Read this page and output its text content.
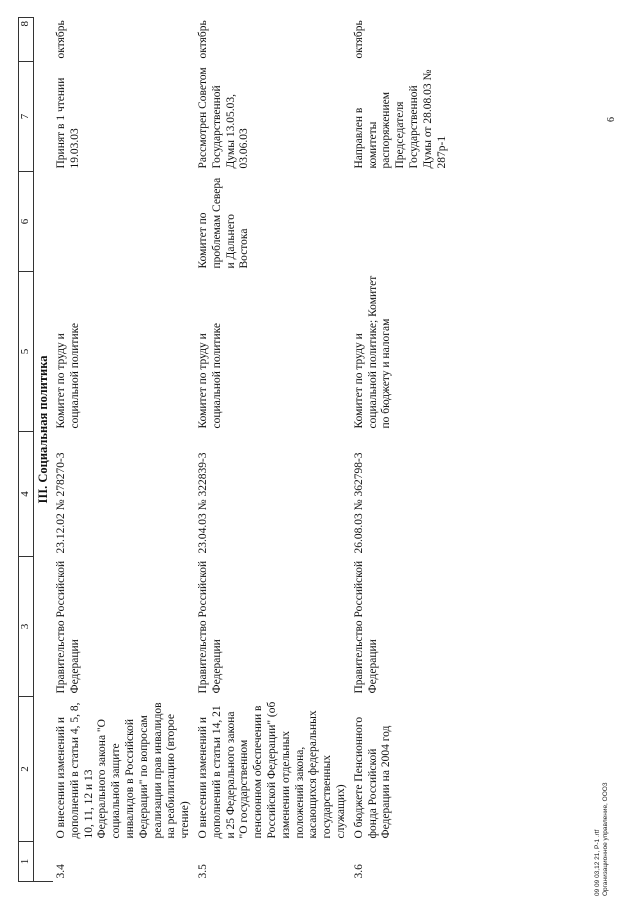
1	2	3	4	5	6	7	8
	III. Социальная политика						
3.4	О внесении изменений и дополнений в статьи 4, 5, 8, 10, 11, 12 и 13 Федерального закона "О социальной защите инвалидов в Российской Федерации" по вопросам реализации прав инвалидов на реабилитацию (второе чтение)	Правительство Российской Федерации	23.12.02 № 278270-3	Комитет по труду и социальной политике		Принят в 1 чтении 19.03.03	октябрь
3.5	О внесении изменений и дополнений в статьи 14, 21 и 25 Федерального закона "О государственном пенсионном обеспечении в Российской Федерации" (об изменении отдельных положений закона, касающихся федеральных государственных служащих)	Правительство Российской Федерации	23.04.03 № 322839-3	Комитет по труду и социальной политике	Комитет по проблемам Севера и Дальнего Востока	Рассмотрен Советом Государственной Думы 13.05.03, 03.06.03	октябрь
3.6	О бюджете Пенсионного фонда Российской Федерации на 2004 год	Правительство Российской Федерации	26.08.03 № 362798-3	Комитет по труду и социальной политике; Комитет по бюджету и налогам		Направлен в комитеты распоряжением Председателя Государственной Думы от 28.08.03 № 287р-1	октябрь
6
09 09 03,12 21, Р-1 .rtf Организационное управление, ООО3
